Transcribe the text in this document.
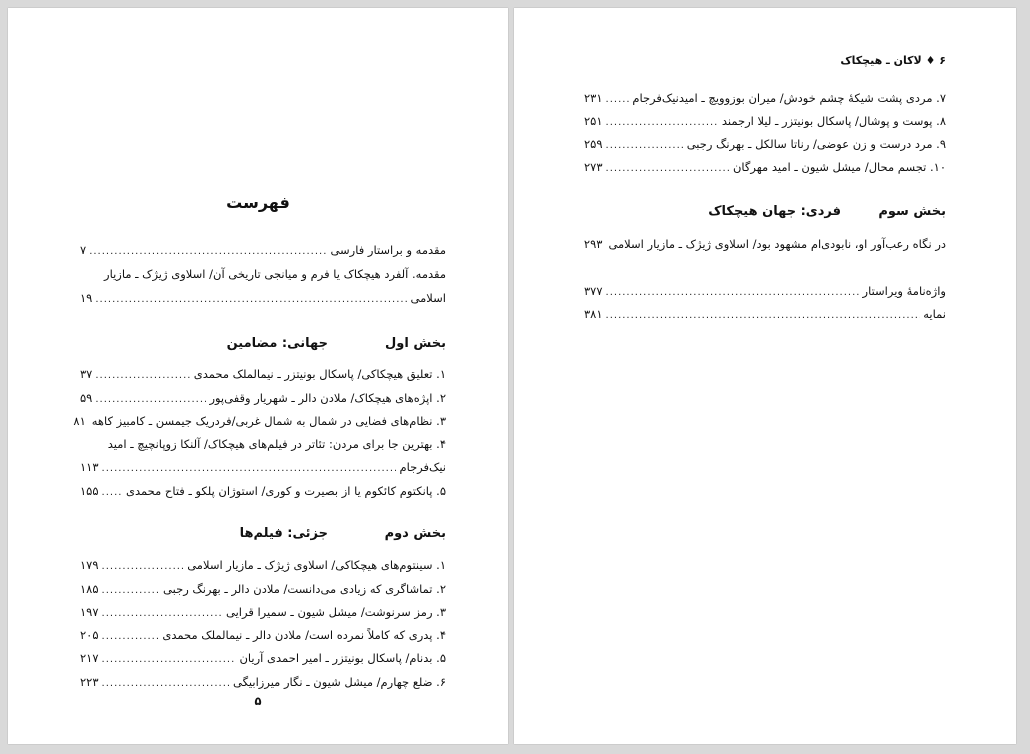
فهرست
مقدمه و براستار فارسی
.....
۷
مقدمه. آلفرد هیچکاک یا فرم و میانجی تاریخی آن/ اسلاوی ژیژک ـ مازیار
اسلامی
.....
۱۹
بخش اول
جهانی: مضامین
۱. تعلیق هیچکاکی/ پاسکال بونیتزر ـ نیمالملک محمدی
.....
۳۷
۲. اپژه‌های هیچکاک/ ملادن دالر ـ شهریار وقفی‌پور
.....
۵۹
۳. نظام‌های فضایی در شمال به شمال غربی/فردریک جیمسن ـ کامبیز کاهه
۸۱
۴. بهترین جا برای مردن: تئاتر در فیلم‌های هیچکاک/ آلنکا زوپانچیچ ـ امید
نیک‌فرجام
.....
۱۱۳
۵. پانکتوم کائکوم یا از بصیرت و کوری/ استوژان پلکو ـ فتاح محمدی
.....
۱۵۵
بخش دوم
جزئی: فیلم‌ها
۱. سینتوم‌های هیچکاکی/ اسلاوی ژیژک ـ مازیار اسلامی
.....
۱۷۹
۲. تماشاگری که زیادی می‌دانست/ ملادن دالر ـ بهرنگ رجبی
.....
۱۸۵
۳. رمز سرنوشت/ میشل شیون ـ سمیرا قرایی
.....
۱۹۷
۴. پدری که کاملاً نمرده است/ ملادن دالر ـ نیمالملک محمدی
.....
۲۰۵
۵. بدنام/ پاسکال بونیتزر ـ امیر احمدی آریان
.....
۲۱۷
۶. ضلع چهارم/ میشل شیون ـ نگار میرزابیگی
.....
۲۲۳
۵
۶ ♦ لاکان ـ هیچکاک
۷. مردی پشت شیکهٔ چشم خودش/ میران بوزوویچ ـ امیدنیک‌فرجام
.....
۲۳۱
۸. پوست و پوشال/ پاسکال بونیتزر ـ لیلا ارجمند
.....
۲۵۱
۹. مرد درست و زن عوضی/ رناتا سالکل ـ بهرنگ رجبی
.....
۲۵۹
۱۰. تجسم محال/ میشل شیون ـ امید مهرگان
.....
۲۷۳
بخش سوم
فردی: جهان هیچکاک
در نگاه رعب‌آور او، نابودی‌ام مشهود بود/ اسلاوی ژیژک ـ مازیار اسلامی
۲۹۳
واژه‌نامهٔ ویراستار
.....
۳۷۷
نمایه
.....
۳۸۱
